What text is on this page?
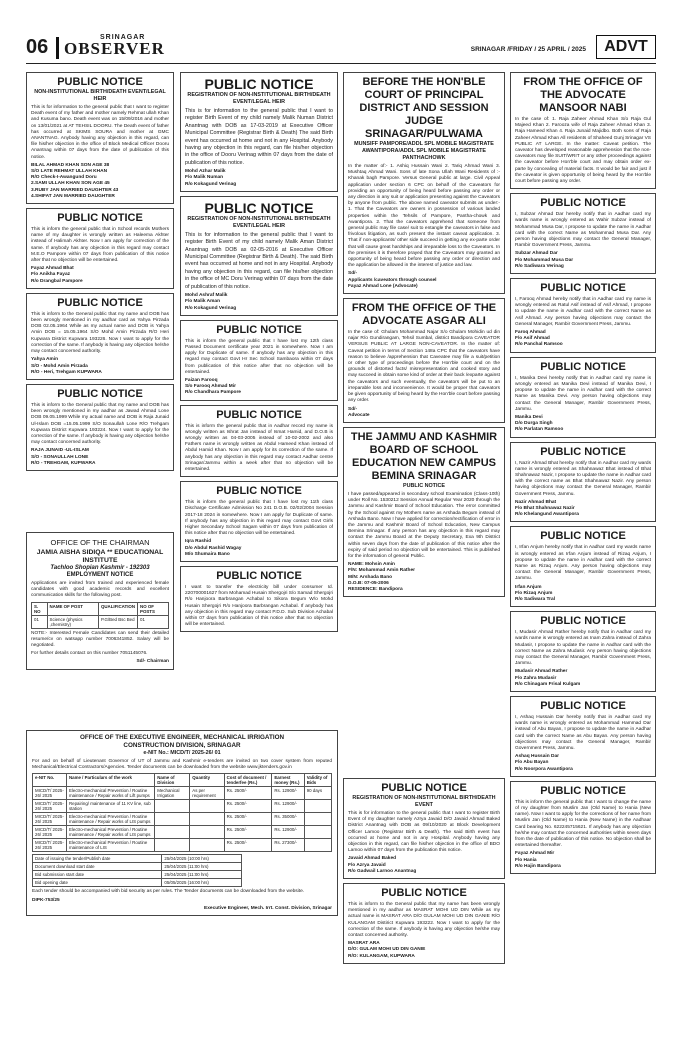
06	SRINAGAR
OBSERVER	SRINAGAR /FRIDAY / 25 APRIL / 2025	ADVT
PUBLIC NOTICE
NON-INSTITUTIONAL BIRTH/DEATH EVENT/LEGAL HEIR
This is for information to the general public that I want to register Death event of my father and mother namely Rehmat ullah Khan and Kusuma bano. Death event was on 15/09/2016 and mother on 13/01/2021 at AT TEHSIL DOORU. The Death event of father has occurred at SKIMS SOURA and mother at GMC ANANTNAG. Anybody having any objection in this regard, can file his/her objection in the office of Block Medical Officer Dooru Anantnag within 07 days from the date of publication of this notice.
BILAL AHMAD KHAN SON AGE 38
S/O LATE REHMAT ULLAH KHAN
R/O Check-I-Awangund Doru
2.SAMI ULLAH KHAN SON AGE 45
3.RUBY JAN MARRIED DAUGHTER 43
4.SHIFAT JAN MARRIED DAUGHTER
PUBLIC NOTICE
This is inform the general public that in School records Mothers name of my daughter is wrongly written as Haleema Akhter instead of Halimah Akhter. Now I am apply for correction of the same. If anybody has any objection in this regard may contact M.E.O Pampore within 07 days from publication of this notice after that no objection will be entertained.
Fayaz Ahmad Bhat
F/o Anikha Fayaz
R/o Drangbal Pampore
PUBLIC NOTICE
This is inform to the General public that my name and DOB has been wrongly mentioned in my aadhar card as Yahya Pirzada DOB 02.05.1964 While as my actual name and DOB is Yahya Amin DOB = 15.05.1964 S/O Mohd Amin Pirzada R/O Heri Kupwara District Kupwara 193226. Now I want to apply for the correction of the same. If anybody is having any objection he/she may contact concerned authority.
Yahya Amin
S/O - Mohd Amin Pirzada
R/O - Heri, Trehgam KUPWARA
PUBLIC NOTICE
This is inform to the General public that my name and DOB has been wrongly mentioned in my aadhar as Jawad Ahmad Lone DOB 09.05.1999 While my actual name and DOB is Raja Junaid Ul-Islam DOB =15.05.1999 S/O Sonaullah Lone R/O Trehgam Kupwara District Kupwara 193224. Now I want to apply for the correction of the same. If anybody is having any objection he/she may contact concerned authority.
RAJA JUNAID -UL-ISLAM
S/O - SONAULLAH LONE
R/O - TREHGAM, KUPWARA
OFFICE OF THE CHAIRMAN
JAMIA AISHA SIDIQA ** EDUCATIONAL INSTITUTE
Tachloo Shopian Kashmir - 192303
EMPLOYMENT NOTICE
Applications are invited from trained and experienced female candidates with good academic records and excellent communication skills for the following post.
S. NO	NAME OF POST	QUALIFICATION	NO OF POSTS
01	Science (physics ,chemistry)	P.G/Bed Bsc Bed	01
NOTE:- Interested Female Candidates can send their detailed resume/cv on watsapp number 7006341852. Salary will be negotiated.
For further details contact on this number 7051145076.
Sd/- Chairman
PUBLIC NOTICE
REGISTRATION OF NON-INSTITUTIONAL BIRTH/DEATH EVENT/LEGAL HEIR
This is for information to the general public that I want to register Birth Event of my child namely Malik Numan District Anantnag with DOB as 17-03-2019 at Executive Officer Municipal Committee (Registrar Birth & Death) The said Birth event has occurred at home and not in any Hospital. Anybody having any objection in this regard, can file his/her objection in the office of Dooru Verinag within 07 days from the date of publication of this notice.
Mohd Azhar Malik
F/o Malik Numan
R/o Kokagund Verinag
PUBLIC NOTICE
REGISTRATION OF NON-INSTITUTIONAL BIRTH/DEATH EVENT/LEGAL HEIR
This is for information to the general public that I want to register Birth Event of my child namely Malik Aman District Anantnag with DOB as 02-05-2016 at Executive Officer Municipal Committee (Registrar Birth & Death). The said Birth event has occurred at home and not in any Hospital. Anybody having any objection in this regard, can file his/her objection in the office of MC Doru Verinag within 07 days from the date of publication of this notice.
Mohd Ashraf Malik
F/o Malik Aman
R/o Kokagund Verinag
PUBLIC NOTICE
This is inform the general public that I have lost my 12th class Passed Document certificate year 2021 in somewhere. Now I am apply for Duplicate of same. If anybody has any objection in this regard may contact Govt Hr Sec School Sambaora within 07 days from publication of this notice after that no objection will be entertained.
Faizan Farooq
S/o Farooq Ahmad Mir
R/o Chandhara Pampore
PUBLIC NOTICE
This is inform the general public that in Aadhar record my name is wrongly written as Ishrat Jan instead of Ismat Hamid, and D.O.B is wrongly written as 04-03-2005 instead of 10-02-2002 and also Fathers name is wrongly written as Abdul Hameed Khan instead of Abdul Hamid Khan. Now I am apply for its correction of the same. If anybody has any objection in this regard may contact Aadhar centre Srinagar/Jammu within a week after that no objection will be entertained.
PUBLIC NOTICE
This is inform the general public that I have lost my 11th class Discharge Certificate Admission No 241 D.O.B. 02/02/2004 Session 2017-18 2024 in somewhere. Now I am apply for Duplicate of same. If anybody has any objection in this regard may contact Govt Girls Higher Secondary School Sagam within 07 days from publication of this notice after that no objection will be entertained.
Iqra Rashid
D/o Abdul Rashid Wagay
M/o Shumaira Bano
PUBLIC NOTICE
I want to transfer the electricity bill under consumer Id. 220700001627 from Mohamad Husain Shergojri S/o Samad Shergojri R/o Hanjoora Barbrangan Achabal to Sikora Begum W/o Mohd Husain Shergojri R/o Hanjoora Barbrangan Achabal. If anybody has any objection in this regard may contact P.D.D. Sub Division Achabal within 07 days from publication of this notice after that no objection will be entertained.
BEFORE THE HON'BLE COURT OF PRINCIPAL DISTRICT AND SESSION JUDGE SRINAGAR/PULWAMA
MUNSIFF PAMPORE/ADDL SPL MOBILE MAGISTRATE AWANTIPORA/ADDL SPL MOBILE MAGISTRATE PANTHACHOWK
In the matter of:- 1. Ashiq Hussain Wani 2. Tariq Ahmad Wani 3. Mushtaq Ahmad Wani. Sons of late Sona Ullah Wani Residents of :- Khanak bagh Pampore. Versus General public at large. Civil Appeal application under section 6 CPC on behalf of the Caveators for providing an opportunity of being heard before passing any order or any direction in any suit or application presenting against the Caveators by anyone from public. The above named caveator submits as under:- 1. That the Caveators are owners in possession of various landed properties within the Tehsils of Pampore, Pantha-chowk and Awantipora. 2. That the caveators apprehend that someone from general public may file case/ suit to entangle the caveators in false and frivolous litigation, as such present the instant caveat application. 3. That if non-applicants/ other side succeed in getting any ex-parte order that will cause great hardships and irreparable loss to the Caveators. In the premises it is therefore prayed that the Caveators may granted an opportunity of being heard before passing any order or direction and the application be allowed in the interest of justice and law.
Sd/-
Applicants /caveators through counsel
Fayaz Ahmad Lone (Advocate)
FROM THE OFFICE OF THE ADVOCATE ASGAR ALI
In the case of: Ghulam Mohammad Najar S/o Ghulam Mohidin ud din najar R/o Gundirangam, Tehsil Sumbal, district Bandipora CAVEATOR VERSUS PUBLIC AT LARGE NON-CAVEATOR. In the matter of: Caveat petition in terms of Section 148a CPC that the caveators have reason to believe /apprehension that Caveatee may file a suit/petition or other type of proceedings before the Hon'ble court and on the grounds of distorted facts/ misrepresentation and cooked story and may succeed in obtain some kind of order at their back /exparte against the caveators and such eventually, the caveators will be put to an irreparable loss and inconvenience. It would be proper that caveators be given opportunity of being heard by the Hon'ble court before passing any order.
Sd/-
Advocate
THE JAMMU AND KASHMIR BOARD OF SCHOOL EDUCATION NEW CAMPUS BEMINA SRINAGAR
PUBLIC NOTICE
I have passed/appeared in secondary school Examination (Class-10th) under Roll No. 1530212 Session Annual Regular Year 2020 through the Jammu and Kashmir Board of School Education. The error committed by the School against my Mothers name as Arshada Begum instead of Arshada Bano. Now I have applied for correction/rectification of error in the Jammu and Kashmir Board of School Education, New Campus Bemina Srinagar. If any person has any objection in this regard may contact the Jammu Board at the Deputy Secretary, Exa 9th District within seven days from the date of publication of this notice after the expiry of said period no objection will be entertained. This is published for the information of general Public.
NAME: Mohsin Amin
F/N: Mohammad Amin Rather
M/N: Arshada Bano
D.O.B: 07-05-2006
RESIDENCE: Bandipora
PUBLIC NOTICE
REGISTRATION OF NON-INSTITUTIONAL BIRTH/DEATH EVENT
This is for information to the general public that I want to register Birth Event of my daughter namely Azrya Javaid D/O Javaid Ahmad Baked District Anantnag with DOB as 09/10/2020 at Block Development Officer Lamoo (Registrar Birth & Death). The said Birth event has occurred at home and not in any Hospital. Anybody having any objection in this regard, can file his/her objection in the office of BDO Lamoo within 07 days from the publication this notice.
Javaid Ahmad Baked
F/o Azrya Javaid
R/o Gadwail Larnoo Anantnag
PUBLIC NOTICE
This is inform to the General public that my name has been wrongly mentioned in my aadhar as MASRAT MOHI UD DIN While as my actual name is MASRAT ARA D/O GULAM MOHI UD DIN GANIE R/O KULANGAM Distirict Kupwara 193222. Now I want to apply for the correction of the same. If anybody is having any objection he/she may contact concerned authority.
MASRAT ARA
D/O: GULAM MOHI UD DIN GANIE
R/O: KULANGAM, KUPWARA
FROM THE OFFICE OF THE ADVOCATE MANSOOR NABI
In the case of: 1. Raja Zaheer Ahmad Khan S/o Raja Gul Majeed Khan 2. Farooza wife of Raja Zaheer Ahmad Khan 3. Raja Hameed Khan 4. Raja Junaid Majidbo. Both sons of Raja Zaheer Ahmad Khan All residents of Shaheed Gunj Srinagar VS PUBLIC AT LARGE. In the matter: Caveat petition. The caveator has developed reasonable apprehension that the non-caveators may file SUIT/WRIT or any other proceedings against the caveator before Hon'ble court and may obtain order ex-parte by concealing of material facts. It would be fair and just if the caveator is given opportunity of being heard by the Hon'ble court before passing any order.
PUBLIC NOTICE
I, Subzar Ahmad Dar hereby notify that in Aadhar card my wards name is wrongly entered as Wahir Subzar instead of Mohammad Musa Dar, I propose to update the name in Aadhar card with the correct Name as Mohammad Musa Dar. Any person having objections may contact the General Manager, Rambir Government Press, Jammu.
Subzar Ahmad Dar
F/o Mohammad Musa Dar
R/o Sadiwara Verinag
PUBLIC NOTICE
I, Farooq Ahmad hereby notify that in Aadhar card my name is wrongly entered as Ratul Asif instead of Asif Ahmad, I propose to update the name in Aadhar card with the correct Name as Asif Ahmad. Any person having objections may contact the General Manager, Rambir Government Press, Jammu.
Faroq Ahmad
F/o Asif Ahmad
R/o Panchal Ramsoo
PUBLIC NOTICE
I, Manika Devi hereby notify that in Aadhar card my name is wrongly entered as Manika Devi instead of Manika Devi, I propose to update the name in Aadhar card with the correct Name as Manika Devi. Any person having objections may contact the General Manager, Rambir Government Press, Jammu.
Manika Devi
D/o Durga Singh
R/o Parlatan Ramsoo
PUBLIC NOTICE
I, Nazir Ahmad Bhat hereby notify that in Aadhar card my wards name is wrongly entered as Shahnawaz Bhat instead of Bhat Shahnawaz Nazir, I propose to update the name in Aadhar card with the correct name as Bhat Shahnawaz Nazir. Any person having objections may contact the General Manager, Rambir Government Press, Jammu.
Nazir Ahmad Bhat
F/o Bhat Shahnawaz Nazir
R/o Khelangund Awantipora
PUBLIC NOTICE
I, Irfan Anjum hereby notify that in Aadhar card my wards name is wrongly entered as Irfan Anjum instead of Rizaq Anjum, I propose to update the name in Aadhar card with the correct Name as Rizaq Anjum. Any person having objections may contact the General Manager, Rambir Government Press, Jammu.
Irfan Anjum
F/o Rizaq Anjum
R/o Sadiwara Tral
PUBLIC NOTICE
I, Mudasir Ahmad Rather hereby notify that in Aadhar card my wards name is wrongly entered as Inam Zahra instead of Zahra Mudasir, I propose to update the name in Aadhar card with the correct Name as Zahra Mudasir. Any person having objections may contact the General Manager, Rambir Government Press, Jammu.
Mudasir Ahmad Rather
F/o Zahra Mudasir
R/o Chinagam Frisal Kulgam
PUBLIC NOTICE
I, Ashaq Hussain Dar hereby notify that in Aadhar card my wards name is wrongly entered as Mohammad Hammad Dar instead of Abu Bayan, I propose to update the name in Aadhar card with the correct Name as Abu Bayan. Any person having objections may contact the General Manager, Rambir Government Press, Jammu.
Ashaq Hussain Dar
F/o Abu Bayan
R/o Noorpora Awantipora
PUBLIC NOTICE
This is inform the general public that I want to change the name of my daughter from Muslim Jan (Old Name) to Hania (New name). Now I want to apply for the corrections of her name from Muslim Jan (Old Name) to Hania (New Name) in the Aadhaar Card bearing No. 622245715621. If anybody has any objection he/she may contact the concerned authorities within seven days from the date of publication of this notice. No objection shall be entertained thereafter.
Fayaz Ahmad Mir
F/o Hania
R/o Hajin Bandipora
OFFICE OF THE EXECUTIVE ENGINEER, MECHANICAL IRRIGATION
CONSTRUCTION DIVISION, SRINAGAR
e-NIT No.: MICD/T/ 2025-26/ 01
For and on behalf of Lieutenant Governor of UT of Jammu and Kashmir e-tenders are invited on two cover system from reputed Mechanical/Electrical Contractors/Agencies. Tender documents can be downloaded from the website www.jktenders.gov.in
e-NIT No.	Name / Particulars of the work	Name of Division	Quantity	Cost of document / tenderfee (Rs.)	Earnest money (Rs.)	Validity of Bids
MICD/T/ 2025-26/ 2025	Electro-mechanical Prevention / Routine maintenance / Repair works of Lift pumps	Mechanical Irrigation	As per requirement	Rs. 2500/-	Rs. 12900/-	90 days
MICD/T/ 2025-26/ 2025	Repairing/ maintenance of 11 KV line, sub station			Rs. 2500/-	Rs. 12900/-	
MICD/T/ 2025-26/ 2025	Electro-mechanical Prevention / Routine maintenance / Repair works of LIS pumps			Rs. 2500/-	Rs. 35000/-	
MICD/T/ 2025-26/ 2025	Electro-mechanical Prevention / Routine maintenance / Repair works of LIS pumps			Rs. 2500/-	Rs. 12900/-	
MICD/T/ 2025-26/ 2025	Electro-mechanical Prevention / Routine maintenance of LIS			Rs. 2500/-	Rs. 27300/-	
Date of issuing the tender/Publish date	25/04/2025 (10:00 hrs)
Document download start date	25/04/2025 (11:00 hrs)
Bid submission start date	25/04/2025 (11:00 hrs)
Bid opening date	05/05/2025 (16:00 hrs)
Each tender should be accompanied with bid security as per rules. The Tender documents can be downloaded from the website.
DIPK-753/25
Executive Engineer, Mech. Irrt. Const. Division, Srinagar
